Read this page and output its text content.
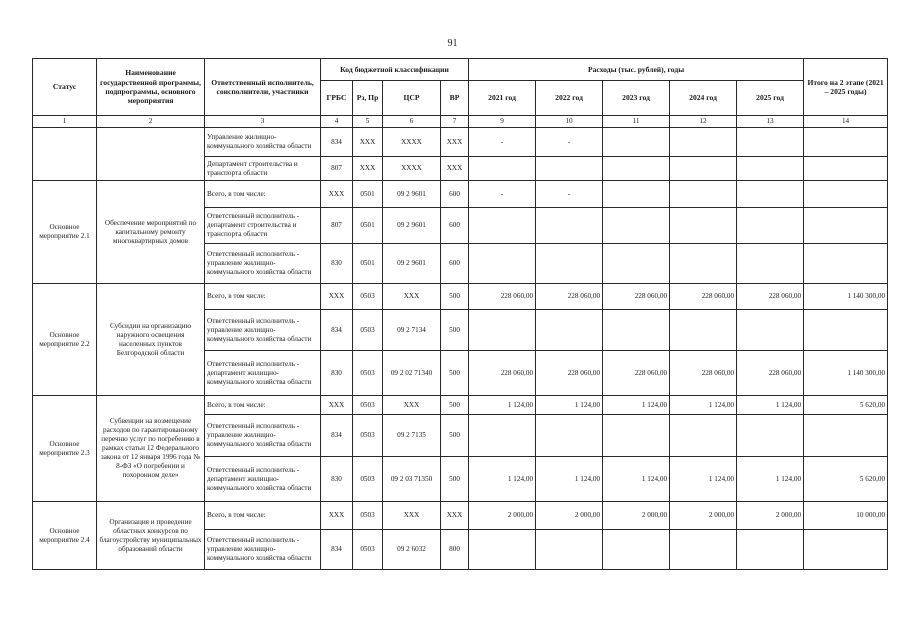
91
Статус	Наименование государственной программы, подпрограммы, основного мероприятия	Ответственный исполнитель, соисполнители, участники	Код бюджетной классификации				Расходы (тыс. рублей), годы					Итого на 2 этапе (2021 – 2025 годы)
			ГРБС	Рз, Пр	ЦСР	ВР	2021 год	2022 год	2023 год	2024 год	2025 год	
1	2	3	4	5	6	7	9	10	11	12	13	14
		Управление жилищно-коммунального хозяйства области	834	XXX	XXXX	XXX	-	-				
		Департамент строительства и транспорта области	807	XXX	XXXX	XXX						
Основное мероприятие 2.1	Обеспечение мероприятий по капитальному ремонту многоквартирных домов	Всего, в том числе:	XXX	0501	09 2 9601	600	-	-				
		Ответственный исполнитель - департамент строительства и транспорта области	807	0501	09 2 9601	600						
		Ответственный исполнитель - управление жилищно-коммунального хозяйства области	830	0501	09 2 9601	600						
Основное мероприятие 2.2	Субсидии на организацию наружного освещения населенных пунктов Белгородской области	Всего, в том числе:	XXX	0503	XXX	500	228 060,00	228 060,00	228 060,00	228 060,00	228 060,00	1 140 300,00
		Ответственный исполнитель - управление жилищно-коммунального хозяйства области	834	0503	09 2 7134	500						
		Ответственный исполнитель - департамент жилищно-коммунального хозяйства области	830	0503	09 2 02 71340	500	228 060,00	228 060,00	228 060,00	228 060,00	228 060,00	1 140 300,00
Основное мероприятие 2.3	Субвенции на возмещение расходов по гарантированному перечню услуг по погребению в рамках статьи 12 Федерального закона от 12 января 1996 года № 8-ФЗ «О погребении и похоронном деле»	Всего, в том числе:	XXX	0503	XXX	500	1 124,00	1 124,00	1 124,00	1 124,00	1 124,00	5 620,00
		Ответственный исполнитель - управление жилищно-коммунального хозяйства области	834	0503	09 2 7135	500						
		Ответственный исполнитель - департамент жилищно-коммунального хозяйства области	830	0503	09 2 03 71350	500	1 124,00	1 124,00	1 124,00	1 124,00	1 124,00	5 620,00
Основное мероприятие 2.4	Организация и проведение областных конкурсов по благоустройству муниципальных образований области	Всего, в том числе:	XXX	0503	XXX	XXX	2 000,00	2 000,00	2 000,00	2 000,00	2 000,00	10 000,00
		Ответственный исполнитель - управление жилищно-коммунального хозяйства области	834	0503	09 2 6032	800						
